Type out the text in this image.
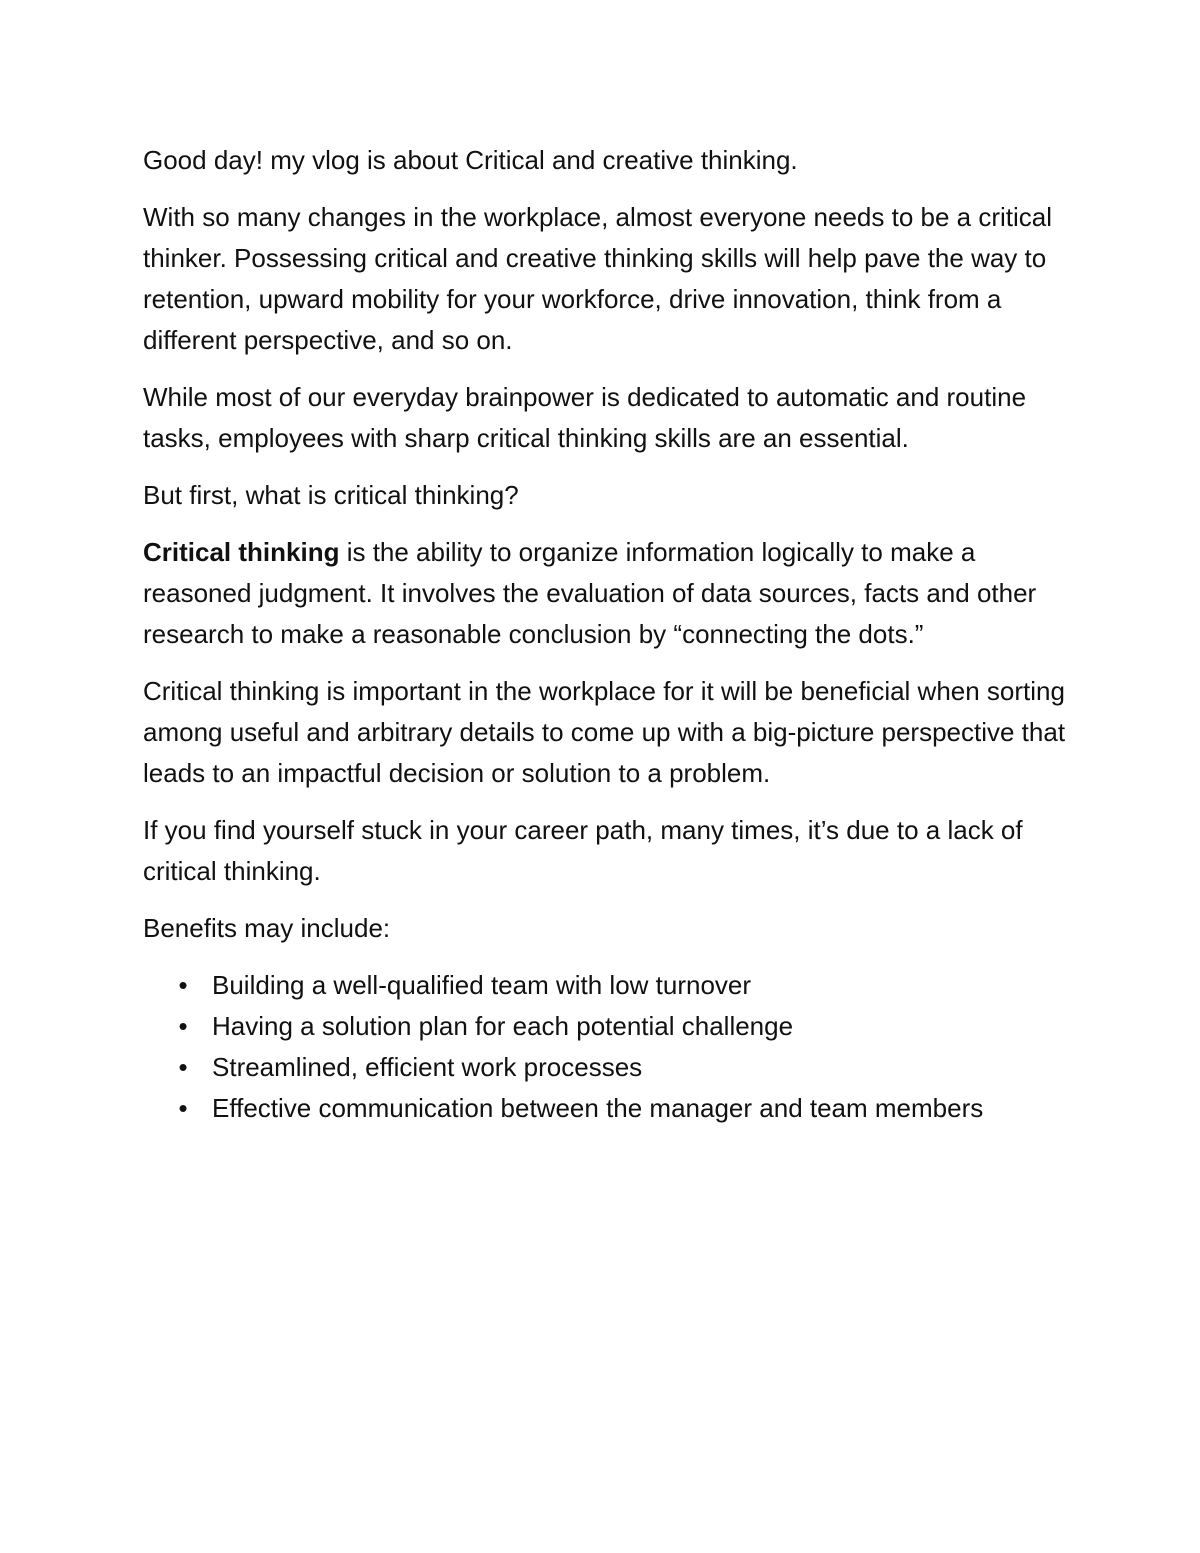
Good day! my vlog is about Critical and creative thinking.

With so many changes in the workplace, almost everyone needs to be a critical thinker. Possessing critical and creative thinking skills will help pave the way to retention, upward mobility for your workforce, drive innovation, think from a different perspective, and so on.

While most of our everyday brainpower is dedicated to automatic and routine tasks, employees with sharp critical thinking skills are an essential.

But first, what is critical thinking?

Critical thinking is the ability to organize information logically to make a reasoned judgment. It involves the evaluation of data sources, facts and other research to make a reasonable conclusion by “connecting the dots.”

Critical thinking is important in the workplace for it will be beneficial when sorting among useful and arbitrary details to come up with a big-picture perspective that leads to an impactful decision or solution to a problem.

If you find yourself stuck in your career path, many times, it’s due to a lack of critical thinking.

Benefits may include:

• Building a well-qualified team with low turnover
• Having a solution plan for each potential challenge
• Streamlined, efficient work processes
• Effective communication between the manager and team members
